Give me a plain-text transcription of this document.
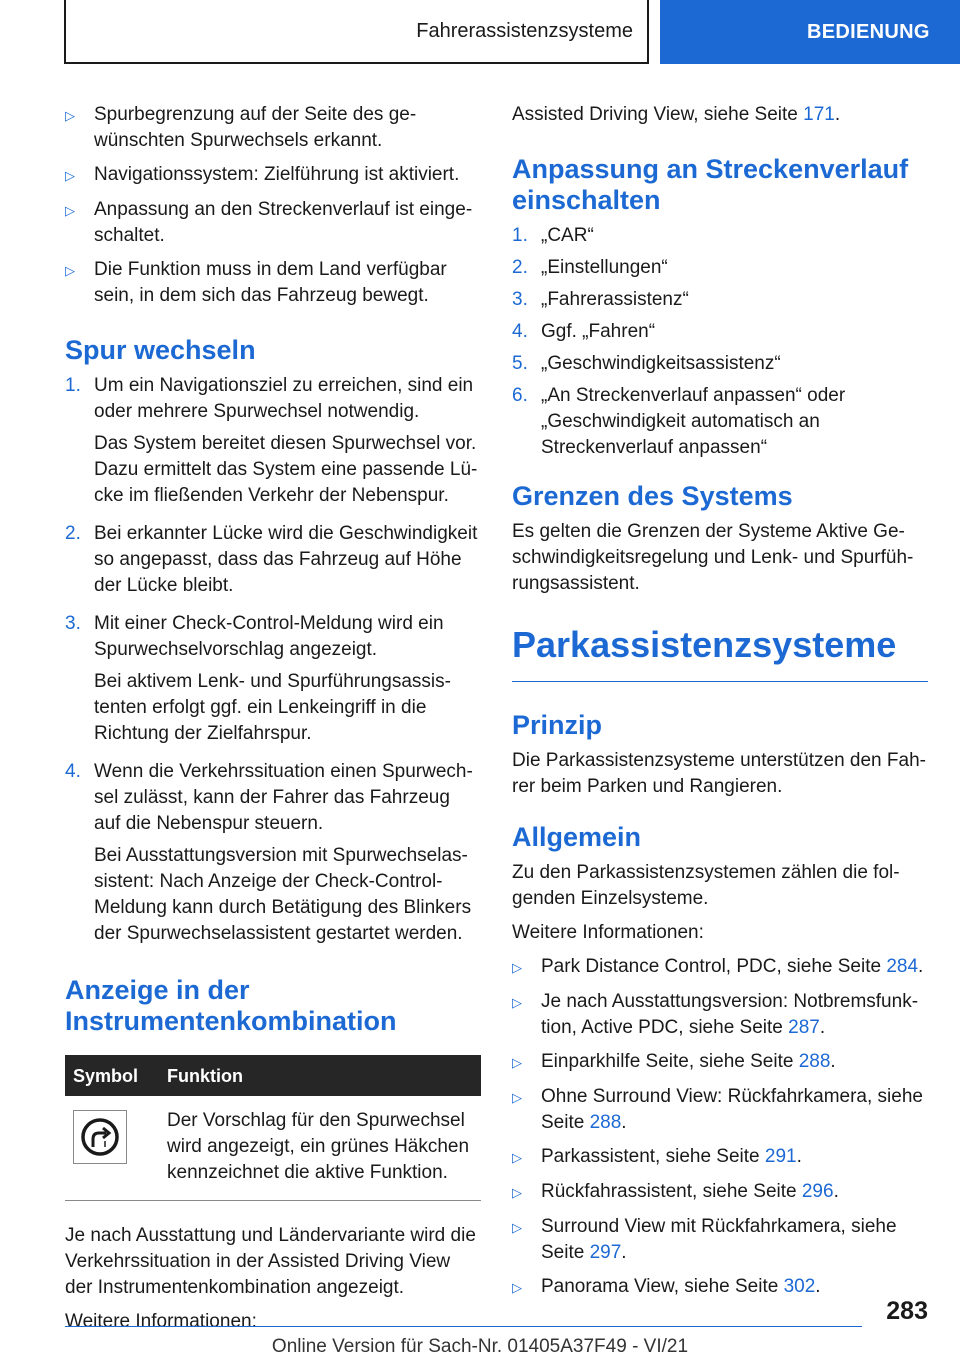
Fahrerassistenzsysteme	BEDIENUNG
▷	Spurbegrenzung auf der Seite des gewünschten Spurwechsels erkannt.
▷	Navigationssystem: Zielführung ist aktiviert.
▷	Anpassung an den Streckenverlauf ist eingeschaltet.
▷	Die Funktion muss in dem Land verfügbar sein, in dem sich das Fahrzeug bewegt.
Spur wechseln
1. Um ein Navigationsziel zu erreichen, sind ein oder mehrere Spurwechsel notwendig.

Das System bereitet diesen Spurwechsel vor. Dazu ermittelt das System eine passende Lücke im fließenden Verkehr der Nebenspur.

2. Bei erkannter Lücke wird die Geschwindigkeit so angepasst, dass das Fahrzeug auf Höhe der Lücke bleibt.

3. Mit einer Check-Control-Meldung wird ein Spurwechselvorschlag angezeigt.

Bei aktivem Lenk- und Spurführungsassistenten erfolgt ggf. ein Lenkeingriff in die Richtung der Zielfahrspur.

4. Wenn die Verkehrssituation einen Spurwechsel zulässt, kann der Fahrer das Fahrzeug auf die Nebenspur steuern.

Bei Ausstattungsversion mit Spurwechselassistent: Nach Anzeige der Check-Control-Meldung kann durch Betätigung des Blinkers der Spurwechselassistent gestartet werden.

Anzeige in der Instrumentenkombination
Symbol	Funktion

	Der Vorschlag für den Spurwechsel wird angezeigt, ein grünes Häkchen kennzeichnet die aktive Funktion.

Je nach Ausstattung und Ländervariante wird die Verkehrssituation in der Assisted Driving View der Instrumentenkombination angezeigt.

Weitere Informationen:

Assisted Driving View, siehe Seite 171.

Anpassung an Streckenverlauf einschalten
1. „CAR“
2. „Einstellungen“
3. „Fahrerassistenz“
4. Ggf. „Fahren“
5. „Geschwindigkeitsassistenz“
6. „An Streckenverlauf anpassen“ oder „Geschwindigkeit automatisch an Streckenverlauf anpassen“
Grenzen des Systems

Es gelten die Grenzen der Systeme Aktive Geschwindigkeitsregelung und Lenk- und Spurführungsassistent.

Parkassistenzsysteme
Prinzip

Die Parkassistenzsysteme unterstützen den Fahrer beim Parken und Rangieren.

Allgemein

Zu den Parkassistenzsystemen zählen die folgenden Einzelsysteme.

Weitere Informationen:

▷	Park Distance Control, PDC, siehe Seite 284.
▷	Je nach Ausstattungsversion: Notbremsfunktion, Active PDC, siehe Seite 287.
▷	Einparkhilfe Seite, siehe Seite 288.
▷	Ohne Surround View: Rückfahrkamera, siehe Seite 288.
▷	Parkassistent, siehe Seite 291.
▷	Rückfahrassistent, siehe Seite 296.
▷	Surround View mit Rückfahrkamera, siehe Seite 297.
▷	Panorama View, siehe Seite 302.
283
Online Version für Sach-Nr. 01405A37F49 - VI/21
